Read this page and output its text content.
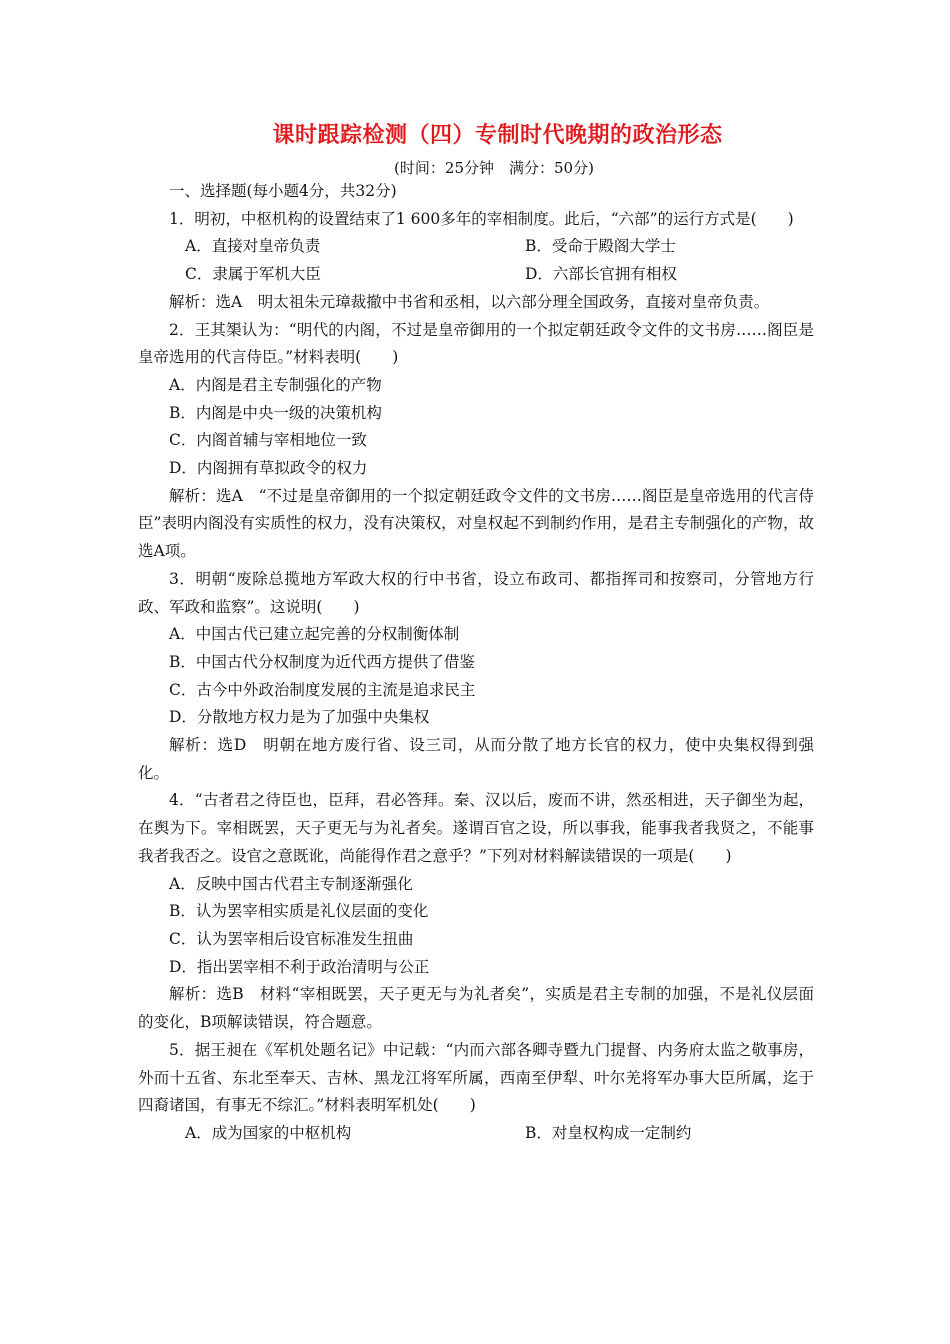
课时跟踪检测（四）专制时代晚期的政治形态
(时间：25分钟　满分：50分)

一、选择题(每小题4分，共32分)

1．明初，中枢机构的设置结束了1 600多年的宰相制度。此后，“六部”的运行方式是(　　)

A．直接对皇帝负责	B．受命于殿阁大学士
C．隶属于军机大臣	D．六部长官拥有相权

解析：选A　明太祖朱元璋裁撤中书省和丞相，以六部分理全国政务，直接对皇帝负责。

2．王其榘认为：“明代的内阁，不过是皇帝御用的一个拟定朝廷政令文件的文书房……阁臣是皇帝选用的代言侍臣。”材料表明(　　)

A．内阁是君主专制强化的产物

B．内阁是中央一级的决策机构

C．内阁首辅与宰相地位一致

D．内阁拥有草拟政令的权力

解析：选A　“不过是皇帝御用的一个拟定朝廷政令文件的文书房……阁臣是皇帝选用的代言侍臣”表明内阁没有实质性的权力，没有决策权，对皇权起不到制约作用，是君主专制强化的产物，故选A项。

3．明朝“废除总揽地方军政大权的行中书省，设立布政司、都指挥司和按察司，分管地方行政、军政和监察”。这说明(　　)

A．中国古代已建立起完善的分权制衡体制

B．中国古代分权制度为近代西方提供了借鉴

C．古今中外政治制度发展的主流是追求民主

D．分散地方权力是为了加强中央集权

解析：选D　明朝在地方废行省、设三司，从而分散了地方长官的权力，使中央集权得到强化。

4．“古者君之待臣也，臣拜，君必答拜。秦、汉以后，废而不讲，然丞相进，天子御坐为起，在舆为下。宰相既罢，天子更无与为礼者矣。遂谓百官之设，所以事我，能事我者我贤之，不能事我者我否之。设官之意既讹，尚能得作君之意乎？”下列对材料解读错误的一项是(　　)

A．反映中国古代君主专制逐渐强化

B．认为罢宰相实质是礼仪层面的变化

C．认为罢宰相后设官标准发生扭曲

D．指出罢宰相不利于政治清明与公正

解析：选B　材料“宰相既罢，天子更无与为礼者矣”，实质是君主专制的加强，不是礼仪层面的变化，B项解读错误，符合题意。

5．据王昶在《军机处题名记》中记载：“内而六部各卿寺暨九门提督、内务府太监之敬事房，外而十五省、东北至奉天、吉林、黑龙江将军所属，西南至伊犁、叶尔羌将军办事大臣所属，迄于四裔诸国，有事无不综汇。”材料表明军机处(　　)

A．成为国家的中枢机构	B．对皇权构成一定制约
